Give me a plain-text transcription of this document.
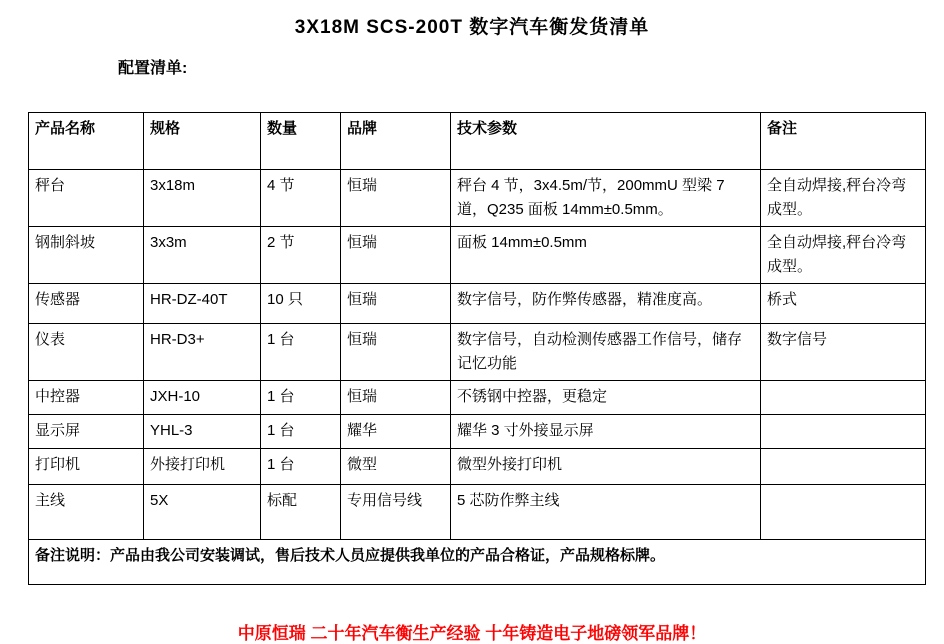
3X18M SCS-200T 数字汽车衡发货清单
配置清单:
产品名称	规格	数量	品牌	技术参数	备注
秤台	3x18m	4 节	恒瑞	秤台 4 节，3x4.5m/节，200mmU 型梁 7 道，Q235 面板 14mm±0.5mm。	全自动焊接,秤台冷弯成型。
钢制斜坡	3x3m	2 节	恒瑞	面板 14mm±0.5mm	全自动焊接,秤台冷弯成型。
传感器	HR-DZ-40T	10 只	恒瑞	数字信号，防作弊传感器，精准度高。	桥式
仪表	HR-D3+	1 台	恒瑞	数字信号，自动检测传感器工作信号，储存记忆功能	数字信号
中控器	JXH-10	1 台	恒瑞	不锈钢中控器，更稳定	
显示屏	YHL-3	1 台	耀华	耀华 3 寸外接显示屏	
打印机	外接打印机	1 台	微型	微型外接打印机	
主线	5X	标配	专用信号线	5 芯防作弊主线	
备注说明：产品由我公司安装调试，售后技术人员应提供我单位的产品合格证，产品规格标牌。					
中原恒瑞 二十年汽车衡生产经验 十年铸造电子地磅领军品牌！
